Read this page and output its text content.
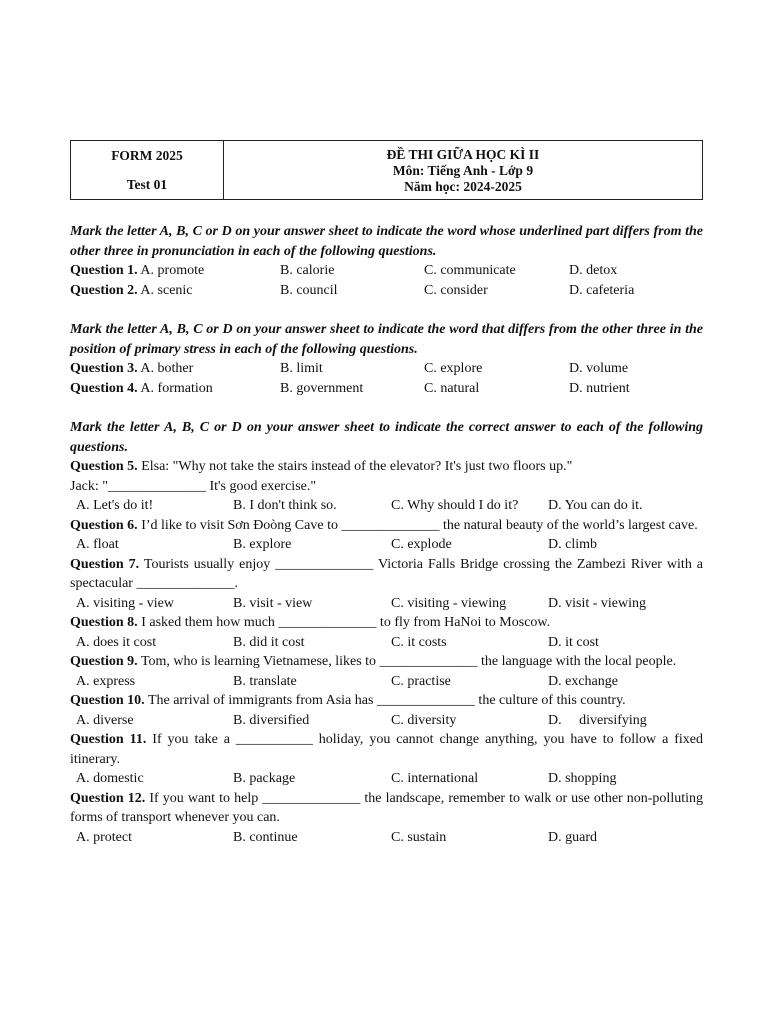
FORM 2025
Test 01

ĐỀ THI GIỮA HỌC KÌ II
Môn: Tiếng Anh - Lớp 9
Năm học: 2024-2025

Mark the letter A, B, C or D on your answer sheet to indicate the word whose underlined part differs from the other three in pronunciation in each of the following questions.

Question 1. A. promote	B. calorie	C. communicate	D. detox
Question 2. A. scenic	B. council	C. consider	D. cafeteria

Mark the letter A, B, C or D on your answer sheet to indicate the word that differs from the other three in the position of primary stress in each of the following questions.

Question 3. A. bother	B. limit	C. explore	D. volume
Question 4. A. formation	B. government	C. natural	D. nutrient

Mark the letter A, B, C or D on your answer sheet to indicate the correct answer to each of the following questions.

Question 5. Elsa: "Why not take the stairs instead of the elevator? It's just two floors up."

Jack: "______________ It's good exercise."
A. Let's do it!	B. I don't think so.	C. Why should I do it?	D. You can do it.

Question 6. I’d like to visit Sơn Đoòng Cave to ______________ the natural beauty of the world’s largest cave.

A. float	B. explore	C. explode	D. climb

Question 7. Tourists usually enjoy ______________ Victoria Falls Bridge crossing the Zambezi River with a spectacular ______________.

A. visiting - view	B. visit - view	C. visiting - viewing	D. visit - viewing

Question 8. I asked them how much ______________ to fly from HaNoi to Moscow.

A. does it cost	B. did it cost	C. it costs	D. it cost

Question 9. Tom, who is learning Vietnamese, likes to ______________ the language with the local people.

A. express	B. translate	C. practise	D. exchange

Question 10. The arrival of immigrants from Asia has ______________ the culture of this country.

A. diverse	B. diversified	C. diversity	D.     diversifying

Question 11. If you take a ___________ holiday, you cannot change anything, you have to follow a fixed itinerary.

A. domestic	B. package	C. international	D. shopping

Question 12. If you want to help ______________ the landscape, remember to walk or use other non-polluting forms of transport whenever you can.

A. protect	B. continue	C. sustain	D. guard
